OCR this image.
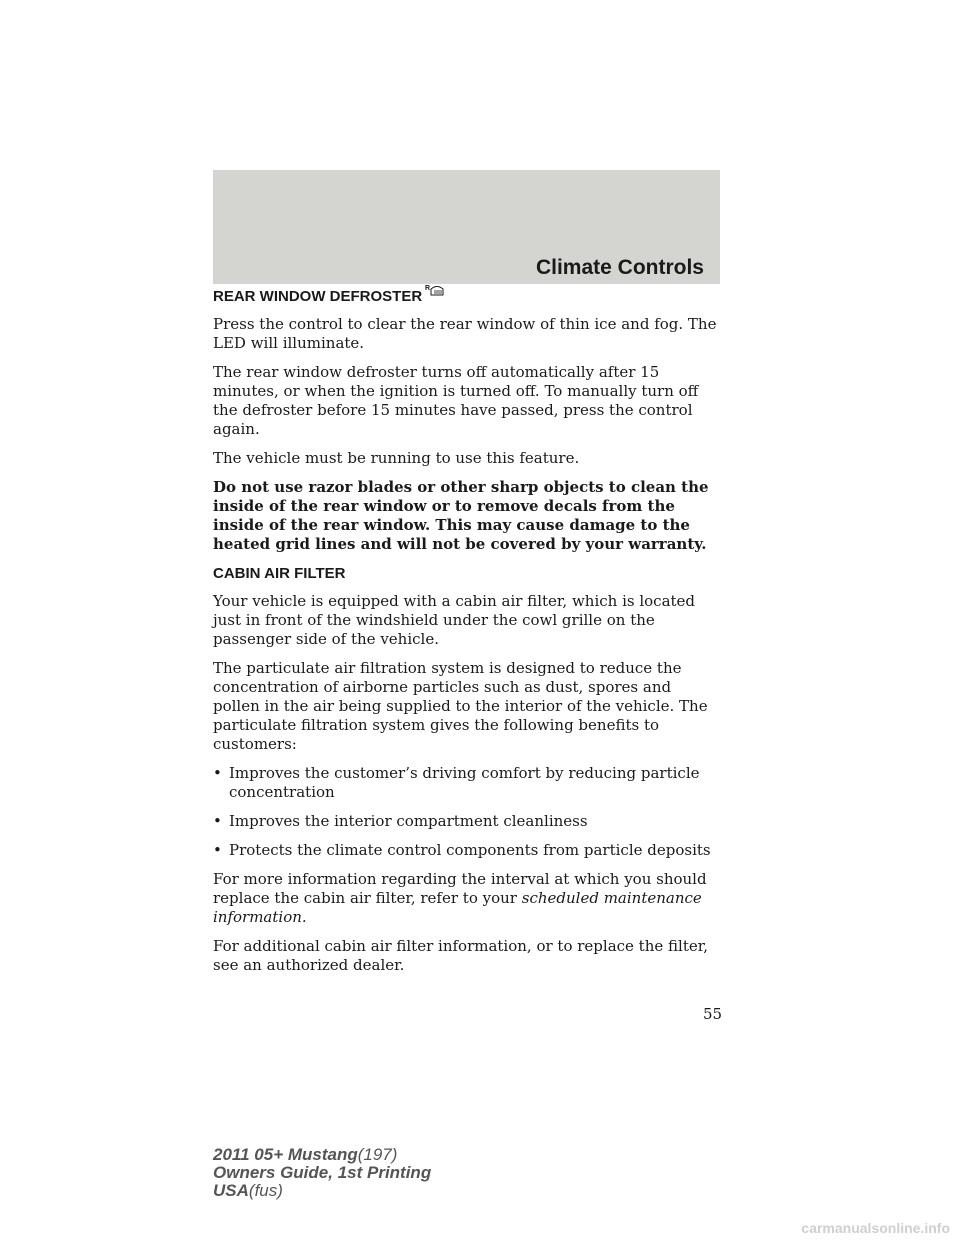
Climate Controls
REAR WINDOW DEFROSTER R

Press the control to clear the rear window of thin ice and fog. The LED will illuminate.

The rear window defroster turns off automatically after 15 minutes, or when the ignition is turned off. To manually turn off the defroster before 15 minutes have passed, press the control again.

The vehicle must be running to use this feature.

Do not use razor blades or other sharp objects to clean the inside of the rear window or to remove decals from the inside of the rear window. This may cause damage to the heated grid lines and will not be covered by your warranty.

CABIN AIR FILTER

Your vehicle is equipped with a cabin air filter, which is located just in front of the windshield under the cowl grille on the passenger side of the vehicle.

The particulate air filtration system is designed to reduce the concentration of airborne particles such as dust, spores and pollen in the air being supplied to the interior of the vehicle. The particulate filtration system gives the following benefits to customers:

• Improves the customer’s driving comfort by reducing particle concentration
• Improves the interior compartment cleanliness
• Protects the climate control components from particle deposits

For more information regarding the interval at which you should replace the cabin air filter, refer to your scheduled maintenance information.

For additional cabin air filter information, or to replace the filter, see an authorized dealer.

55
2011 05+ Mustang(197)
Owners Guide, 1st Printing
USA(fus)
carmanualsonline.info
